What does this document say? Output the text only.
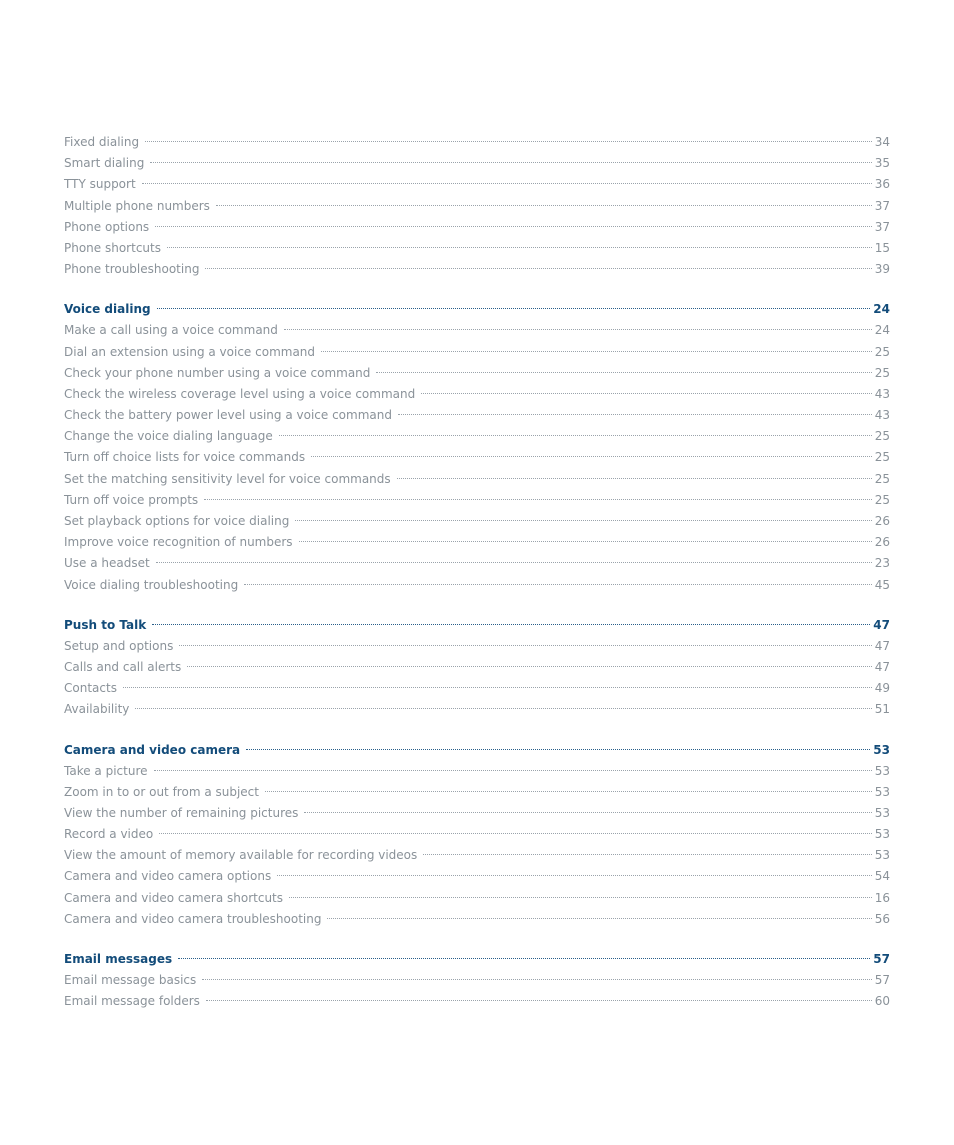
Fixed dialing	34
Smart dialing	35
TTY support	36
Multiple phone numbers	37
Phone options	37
Phone shortcuts	15
Phone troubleshooting	39
Voice dialing	24
Make a call using a voice command	24
Dial an extension using a voice command	25
Check your phone number using a voice command	25
Check the wireless coverage level using a voice command	43
Check the battery power level using a voice command	43
Change the voice dialing language	25
Turn off choice lists for voice commands	25
Set the matching sensitivity level for voice commands	25
Turn off voice prompts	25
Set playback options for voice dialing	26
Improve voice recognition of numbers	26
Use a headset	23
Voice dialing troubleshooting	45
Push to Talk	47
Setup and options	47
Calls and call alerts	47
Contacts	49
Availability	51
Camera and video camera	53
Take a picture	53
Zoom in to or out from a subject	53
View the number of remaining pictures	53
Record a video	53
View the amount of memory available for recording videos	53
Camera and video camera options	54
Camera and video camera shortcuts	16
Camera and video camera troubleshooting	56
Email messages	57
Email message basics	57
Email message folders	60
